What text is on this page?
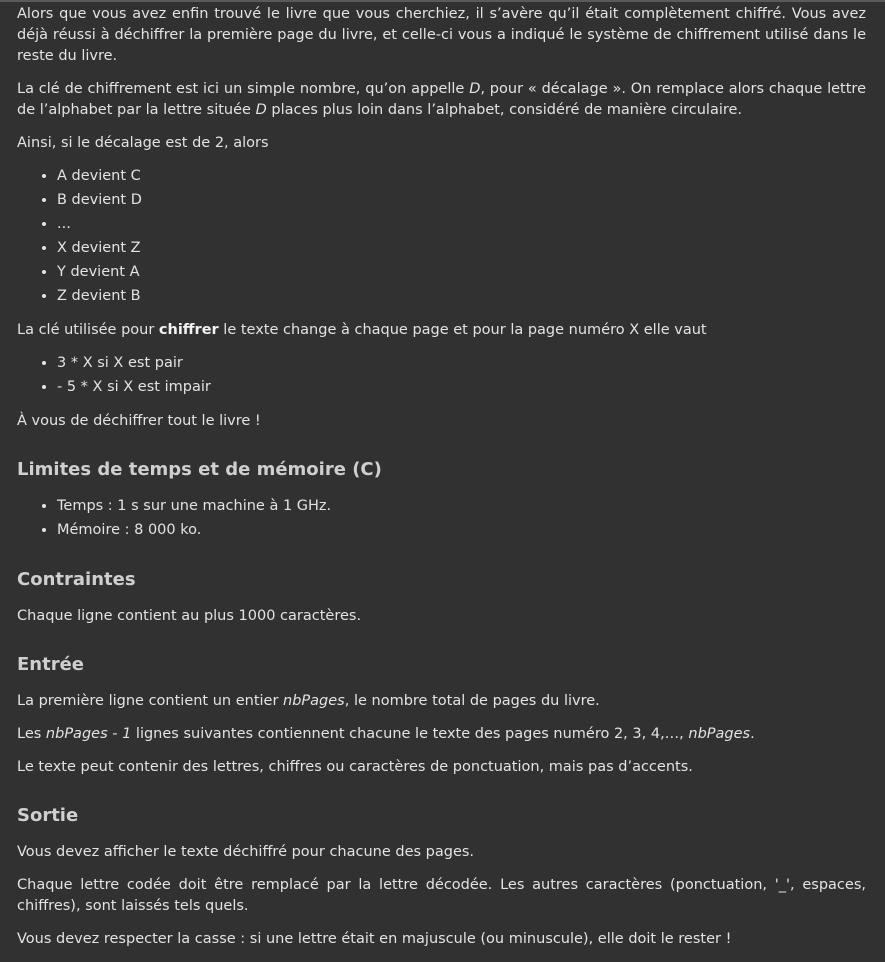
Alors que vous avez enfin trouvé le livre que vous cherchiez, il s’avère qu’il était complètement chiffré. Vous avez déjà réussi à déchiffrer la première page du livre, et celle-ci vous a indiqué le système de chiffrement utilisé dans le reste du livre.

La clé de chiffrement est ici un simple nombre, qu’on appelle D, pour « décalage ». On remplace alors chaque lettre de l’alphabet par la lettre située D places plus loin dans l’alphabet, considéré de manière circulaire.

Ainsi, si le décalage est de 2, alors

• A devient C
• B devient D
• ...
• X devient Z
• Y devient A
• Z devient B

La clé utilisée pour chiffrer le texte change à chaque page et pour la page numéro X elle vaut

• 3 * X si X est pair
• - 5 * X si X est impair

À vous de déchiffrer tout le livre !

Limites de temps et de mémoire (C)
• Temps : 1 s sur une machine à 1 GHz.
• Mémoire : 8 000 ko.
Contraintes

Chaque ligne contient au plus 1000 caractères.

Entrée

La première ligne contient un entier nbPages, le nombre total de pages du livre.

Les nbPages - 1 lignes suivantes contiennent chacune le texte des pages numéro 2, 3, 4,…, nbPages.

Le texte peut contenir des lettres, chiffres ou caractères de ponctuation, mais pas d’accents.

Sortie

Vous devez afficher le texte déchiffré pour chacune des pages.

Chaque lettre codée doit être remplacé par la lettre décodée. Les autres caractères (ponctuation, '_', espaces, chiffres), sont laissés tels quels.

Vous devez respecter la casse : si une lettre était en majuscule (ou minuscule), elle doit le rester !
